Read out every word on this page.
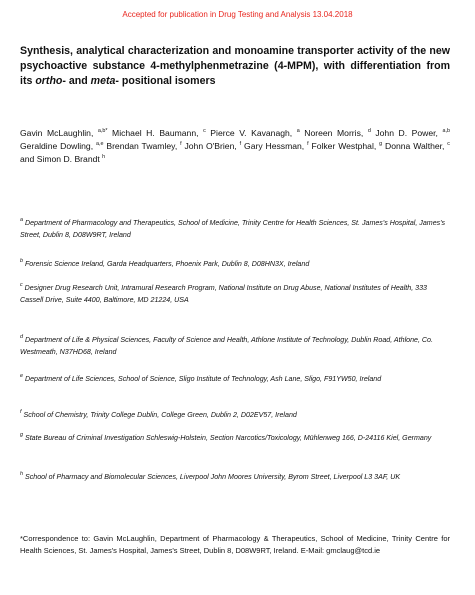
Accepted for publication in Drug Testing and Analysis 13.04.2018
Synthesis, analytical characterization and monoamine transporter activity of the new psychoactive substance 4-methylphenmetrazine (4-MPM), with differentiation from its ortho- and meta- positional isomers
Gavin McLaughlin, $^{a,b*}$ Michael H. Baumann, $^c$ Pierce V. Kavanagh, $^a$ Noreen Morris, $^d$ John D. Power, $^{a,b}$ Geraldine Dowling, $^{a,e}$ Brendan Twamley, $^f$ John O'Brien, $^f$ Gary Hessman, $^f$ Folker Westphal, $^g$ Donna Walther, $^c$ and Simon D. Brandt $^h$
$^a$ Department of Pharmacology and Therapeutics, School of Medicine, Trinity Centre for Health Sciences, St. James's Hospital, James's Street, Dublin 8, D08W9RT, Ireland
$^b$ Forensic Science Ireland, Garda Headquarters, Phoenix Park, Dublin 8, D08HN3X, Ireland
$^c$ Designer Drug Research Unit, Intramural Research Program, National Institute on Drug Abuse, National Institutes of Health, 333 Cassell Drive, Suite 4400, Baltimore, MD 21224, USA
$^d$ Department of Life & Physical Sciences, Faculty of Science and Health, Athlone Institute of Technology, Dublin Road, Athlone, Co. Westmeath, N37HD68, Ireland
$^e$ Department of Life Sciences, School of Science, Sligo Institute of Technology, Ash Lane, Sligo, F91YW50, Ireland
$^f$ School of Chemistry, Trinity College Dublin, College Green, Dublin 2, D02EV57, Ireland
$^g$ State Bureau of Criminal Investigation Schleswig-Holstein, Section Narcotics/Toxicology, Mühlenweg 166, D-24116 Kiel, Germany
$^h$ School of Pharmacy and Biomolecular Sciences, Liverpool John Moores University, Byrom Street, Liverpool L3 3AF, UK
*Correspondence to: Gavin McLaughlin, Department of Pharmacology & Therapeutics, School of Medicine, Trinity Centre for Health Sciences, St. James's Hospital, James's Street, Dublin 8, D08W9RT, Ireland. E-Mail: gmclaug@tcd.ie
